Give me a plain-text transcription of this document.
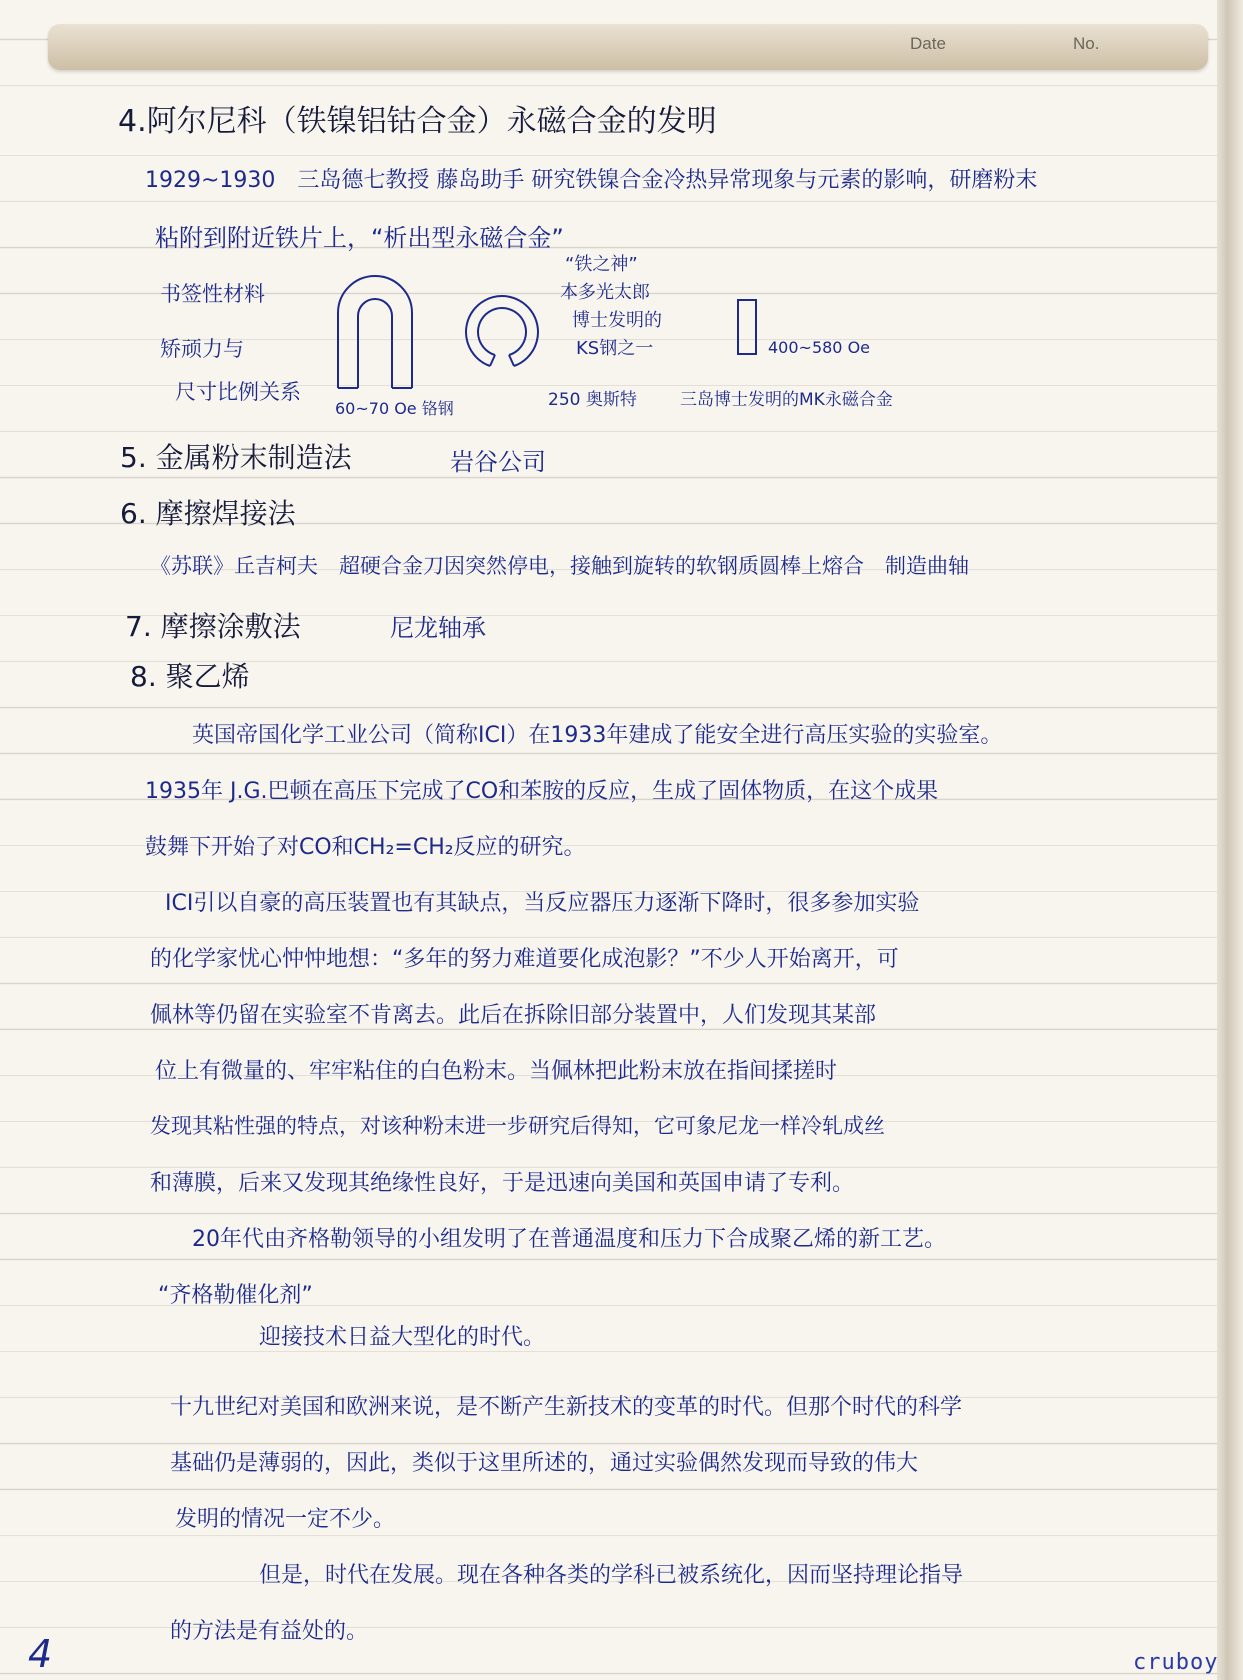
Date	No.
4.阿尔尼科（铁镍铝钴合金）永磁合金的发明
1929~1930　三岛德七教授 藤岛助手 研究铁镍合金冷热异常现象与元素的影响，研磨粉末
粘附到附近铁片上，“析出型永磁合金”
书签性材料
矫顽力与
尺寸比例关系
“铁之神”
本多光太郎
博士发明的
KS钢之一
60~70 Oe 铬钢	250 奥斯特
400~580 Oe
三岛博士发明的MK永磁合金
5. 金属粉末制造法	岩谷公司
6. 摩擦焊接法
《苏联》丘吉柯夫　超硬合金刀因突然停电，接触到旋转的软钢质圆棒上熔合　制造曲轴
7. 摩擦涂敷法	尼龙轴承
8. 聚乙烯
　英国帝国化学工业公司（简称ICI）在1933年建成了能安全进行高压实验的实验室。
1935年 J.G.巴顿在高压下完成了CO和苯胺的反应，生成了固体物质，在这个成果
鼓舞下开始了对CO和CH₂=CH₂反应的研究。
ICI引以自豪的高压装置也有其缺点，当反应器压力逐渐下降时，很多参加实验
的化学家忧心忡忡地想：“多年的努力难道要化成泡影？”不少人开始离开，可
佩林等仍留在实验室不肯离去。此后在拆除旧部分装置中，人们发现其某部
位上有微量的、牢牢粘住的白色粉末。当佩林把此粉末放在指间揉搓时
发现其粘性强的特点，对该种粉末进一步研究后得知，它可象尼龙一样冷轧成丝
和薄膜，后来又发现其绝缘性良好，于是迅速向美国和英国申请了专利。
　20年代由齐格勒领导的小组发明了在普通温度和压力下合成聚乙烯的新工艺。
“齐格勒催化剂”
　　迎接技术日益大型化的时代。
十九世纪对美国和欧洲来说，是不断产生新技术的变革的时代。但那个时代的科学
基础仍是薄弱的，因此，类似于这里所述的，通过实验偶然发现而导致的伟大
发明的情况一定不少。
　　但是，时代在发展。现在各种各类的学科已被系统化，因而坚持理论指导
的方法是有益处的。
4	cruboy
